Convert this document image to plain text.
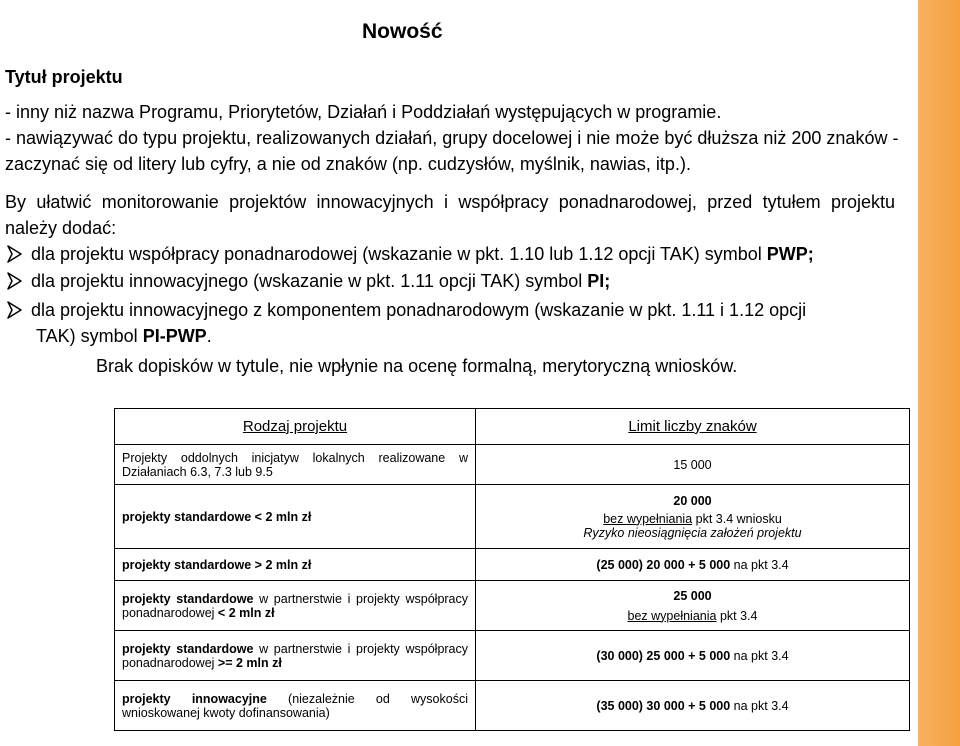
Nowość
Tytuł projektu
- inny niż nazwa Programu, Priorytetów, Działań i Poddziałań występujących w programie.
- nawiązywać do typu projektu, realizowanych działań, grupy docelowej i nie może być dłuższa niż 200 znaków - zaczynać się od litery lub cyfry, a nie od znaków (np. cudzysłów, myślnik, nawias, itp.).
By ułatwić monitorowanie projektów innowacyjnych i współpracy ponadnarodowej, przed tytułem projektu należy dodać:
dla projektu współpracy ponadnarodowej (wskazanie w pkt. 1.10 lub 1.12 opcji TAK) symbol PWP;
dla projektu innowacyjnego (wskazanie w pkt. 1.11 opcji TAK) symbol PI;
dla projektu innowacyjnego z komponentem ponadnarodowym (wskazanie w pkt. 1.11 i 1.12 opcji
TAK) symbol PI-PWP.
Brak dopisków w tytule, nie wpłynie na ocenę formalną, merytoryczną wniosków.
Rodzaj projektu	Limit liczby znaków
Projekty oddolnych inicjatyw lokalnych realizowane w Działaniach 6.3, 7.3 lub 9.5	15 000
projekty standardowe < 2 mln zł	20 000
bez wypełniania pkt 3.4 wniosku
Ryzyko nieosiągnięcia założeń projektu

projekty standardowe > 2 mln zł	(25 000) 20 000 + 5 000 na pkt 3.4
projekty standardowe w partnerstwie i projekty współpracy ponadnarodowej < 2 mln zł	25 000
bez wypełniania pkt 3.4

projekty standardowe w partnerstwie i projekty współpracy ponadnarodowej >= 2 mln zł	(30 000) 25 000 + 5 000 na pkt 3.4
projekty innowacyjne (niezależnie od wysokości wnioskowanej kwoty dofinansowania)	(35 000) 30 000 + 5 000 na pkt 3.4
